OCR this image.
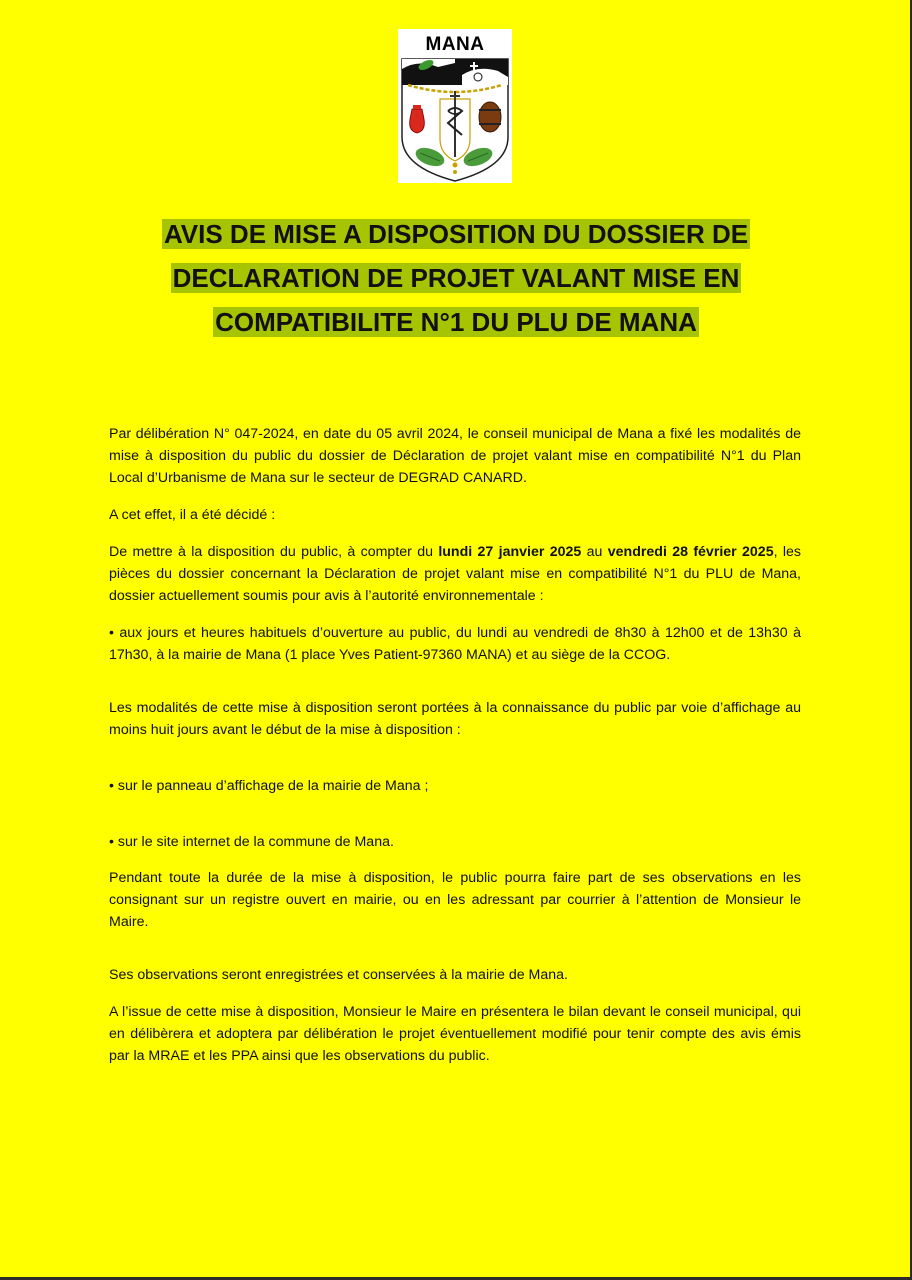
MANA
AVIS DE MISE A DISPOSITION DU DOSSIER DE
DECLARATION DE PROJET VALANT MISE EN
COMPATIBILITE N°1 DU PLU DE MANA

Par délibération N° 047-2024, en date du 05 avril 2024, le conseil municipal de Mana a fixé les modalités de mise à disposition du public du dossier de Déclaration de projet valant mise en compatibilité N°1 du Plan Local d’Urbanisme de Mana sur le secteur de DEGRAD CANARD.

A cet effet, il a été décidé :

De mettre à la disposition du public, à compter du lundi 27 janvier 2025 au vendredi 28 février 2025, les pièces du dossier concernant la Déclaration de projet valant mise en compatibilité N°1 du PLU de Mana, dossier actuellement soumis pour avis à l’autorité environnementale :

• aux jours et heures habituels d’ouverture au public, du lundi au vendredi de 8h30 à 12h00 et de 13h30 à 17h30, à la mairie de Mana (1 place Yves Patient-97360 MANA) et au siège de la CCOG.

Les modalités de cette mise à disposition seront portées à la connaissance du public par voie d’affichage au moins huit jours avant le début de la mise à disposition :

• sur le panneau d’affichage de la mairie de Mana ;

• sur le site internet de la commune de Mana.

Pendant toute la durée de la mise à disposition, le public pourra faire part de ses observations en les consignant sur un registre ouvert en mairie, ou en les adressant par courrier à l’attention de Monsieur le Maire.

Ses observations seront enregistrées et conservées à la mairie de Mana.

A l’issue de cette mise à disposition, Monsieur le Maire en présentera le bilan devant le conseil municipal, qui en délibèrera et adoptera par délibération le projet éventuellement modifié pour tenir compte des avis émis par la MRAE et les PPA ainsi que les observations du public.
